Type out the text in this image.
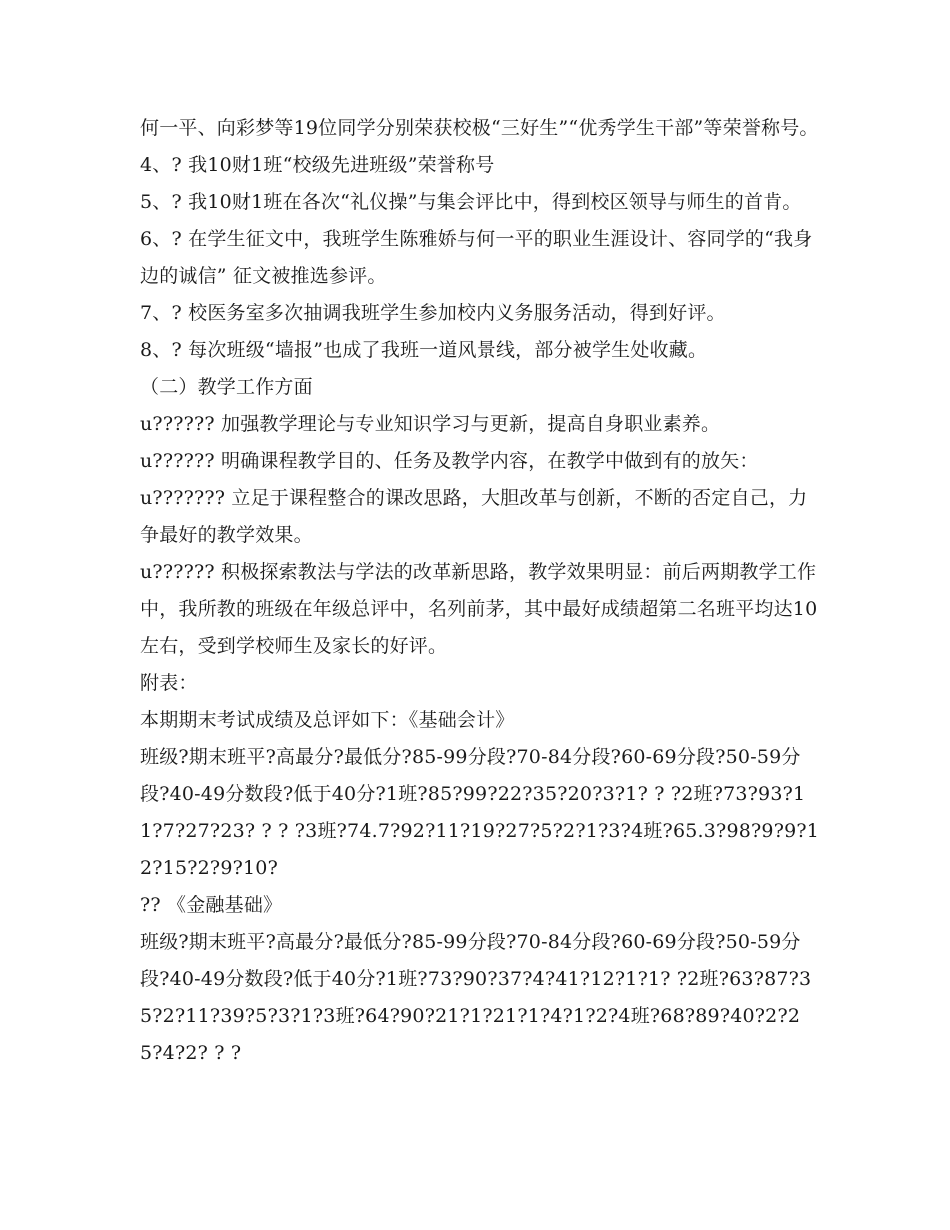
何一平、向彩梦等19位同学分别荣获校极“三好生”“优秀学生干部”等荣誉称号。

4、? 我10财1班“校级先进班级”荣誉称号

5、? 我10财1班在各次“礼仪操”与集会评比中，得到校区领导与师生的首肯。

6、? 在学生征文中，我班学生陈雅娇与何一平的职业生涯设计、容同学的“我身边的诚信” 征文被推选参评。

7、? 校医务室多次抽调我班学生参加校内义务服务活动，得到好评。

8、? 每次班级“墙报”也成了我班一道风景线，部分被学生处收藏。

（二）教学工作方面

u?????? 加强教学理论与专业知识学习与更新，提高自身职业素养。

u?????? 明确课程教学目的、任务及教学内容，在教学中做到有的放矢：

u??????? 立足于课程整合的课改思路，大胆改革与创新，不断的否定自己，力争最好的教学效果。

u?????? 积极探索教法与学法的改革新思路，教学效果明显：前后两期教学工作中，我所教的班级在年级总评中，名列前茅，其中最好成绩超第二名班平均达10左右，受到学校师生及家长的好评。

附表：

本期期末考试成绩及总评如下：《基础会计》

班级?期末班平?高最分?最低分?85-99分段?70-84分段?60-69分段?50-59分段?40-49分数段?低于40分?1班?85?99?22?35?20?3?1? ? ?2班?73?93?11?7?27?23? ? ? ?3班?74.7?92?11?19?27?5?2?1?3?4班?65.3?98?9?9?12?15?2?9?10?

?? 《金融基础》

班级?期末班平?高最分?最低分?85-99分段?70-84分段?60-69分段?50-59分段?40-49分数段?低于40分?1班?73?90?37?4?41?12?1?1? ?2班?63?87?35?2?11?39?5?3?1?3班?64?90?21?1?21?1?4?1?2?4班?68?89?40?2?25?4?2? ? ?
